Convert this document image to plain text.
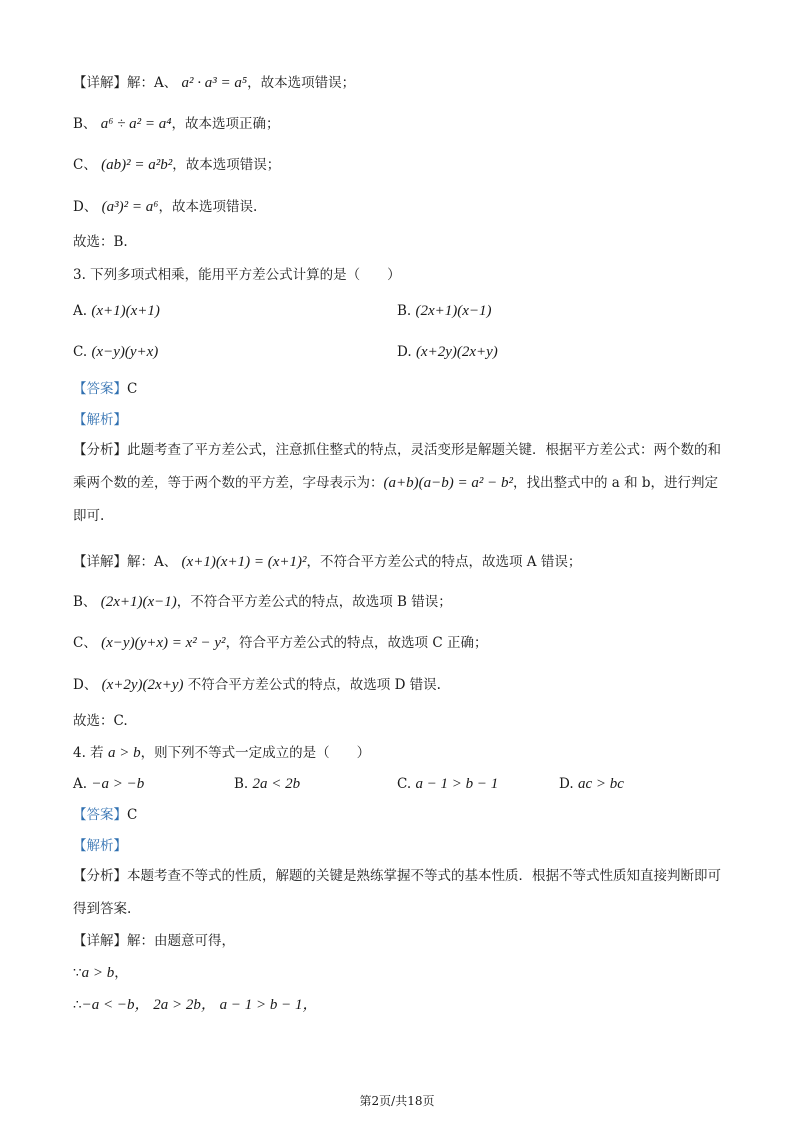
【详解】解：A、 a² · a³ = a⁵，故本选项错误；
B、 a⁶ ÷ a² = a⁴，故本选项正确；
C、 (ab)² = a²b²，故本选项错误；
D、 (a³)² = a⁶，故本选项错误.
故选：B.
3. 下列多项式相乘，能用平方差公式计算的是（　　）
A. (x+1)(x+1)	B. (2x+1)(x−1)
C. (x−y)(y+x)	D. (x+2y)(2x+y)
【答案】C
【解析】
【分析】此题考查了平方差公式，注意抓住整式的特点，灵活变形是解题关键．根据平方差公式：两个数的和乘两个数的差，等于两个数的平方差，字母表示为：(a+b)(a−b) = a² − b²，找出整式中的 a 和 b，进行判定即可.
【详解】解：A、 (x+1)(x+1) = (x+1)²，不符合平方差公式的特点，故选项 A 错误；
B、 (2x+1)(x−1)，不符合平方差公式的特点，故选项 B 错误；
C、 (x−y)(y+x) = x² − y²，符合平方差公式的特点，故选项 C 正确；
D、 (x+2y)(2x+y) 不符合平方差公式的特点，故选项 D 错误.
故选：C.
4. 若 a > b，则下列不等式一定成立的是（　　）
A. −a > −b	B. 2a < 2b	C. a − 1 > b − 1	D. ac > bc
【答案】C
【解析】
【分析】本题考查不等式的性质，解题的关键是熟练掌握不等式的基本性质．根据不等式性质知直接判断即可得到答案.
【详解】解：由题意可得，
∵a > b，
∴−a < −b， 2a > 2b， a − 1 > b − 1，
第2页/共18页
